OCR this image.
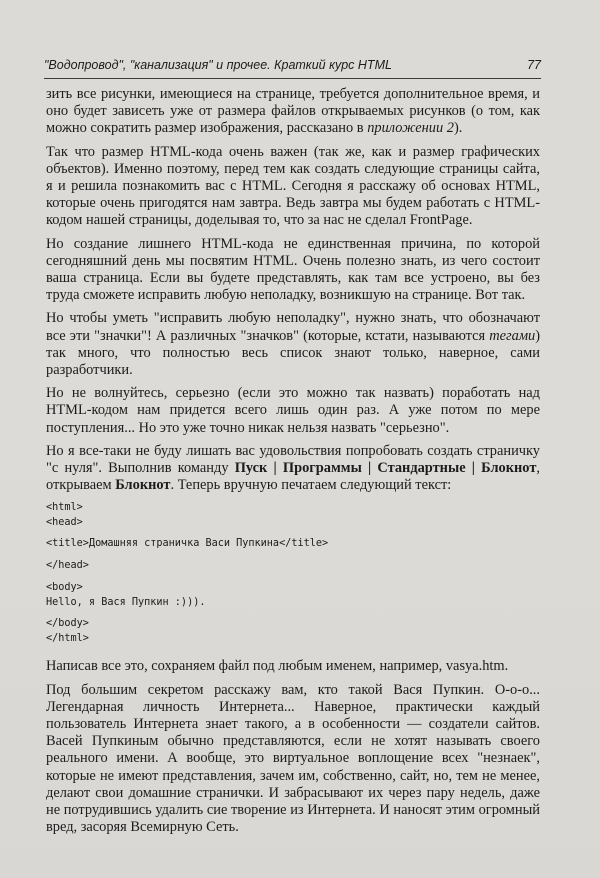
"Водопровод", "канализация" и прочее. Краткий курс HTML	77

зить все рисунки, имеющиеся на странице, требуется дополнительное время, и оно будет зависеть уже от размера файлов открываемых рисунков (о том, как можно сократить размер изображения, рассказано в приложении 2).

Так что размер HTML-кода очень важен (так же, как и размер графических объектов). Именно поэтому, перед тем как создать следующие страницы сайта, я и решила познакомить вас с HTML. Сегодня я расскажу об основах HTML, которые очень пригодятся нам завтра. Ведь завтра мы будем работать с HTML-кодом нашей страницы, доделывая то, что за нас не сделал FrontPage.

Но создание лишнего HTML-кода не единственная причина, по которой сегодняшний день мы посвятим HTML. Очень полезно знать, из чего состоит ваша страница. Если вы будете представлять, как там все устроено, вы без труда сможете исправить любую неполадку, возникшую на странице. Вот так.

Но чтобы уметь "исправить любую неполадку", нужно знать, что обозначают все эти "значки"! А различных "значков" (которые, кстати, называются тегами) так много, что полностью весь список знают только, наверное, сами разработчики.

Но не волнуйтесь, серьезно (если это можно так назвать) поработать над HTML-кодом нам придется всего лишь один раз. А уже потом по мере поступления... Но это уже точно никак нельзя назвать "серьезно".

Но я все-таки не буду лишать вас удовольствия попробовать создать страничку "с нуля". Выполнив команду Пуск | Программы | Стандартные | Блокнот, открываем Блокнот. Теперь вручную печатаем следующий текст:

<html>
<head>
<title>Домашняя страничка Васи Пупкина</title>
</head>
<body>
Hello, я Вася Пупкин :))).
</body>
</html>

Написав все это, сохраняем файл под любым именем, например, vasya.htm.

Под большим секретом расскажу вам, кто такой Вася Пупкин. О-о-о... Легендарная личность Интернета... Наверное, практически каждый пользователь Интернета знает такого, а в особенности — создатели сайтов. Васей Пупкиным обычно представляются, если не хотят называть своего реального имени. А вообще, это виртуальное воплощение всех "незнаек", которые не имеют представления, зачем им, собственно, сайт, но, тем не менее, делают свои домашние странички. И забрасывают их через пару недель, даже не потрудившись удалить сие творение из Интернета. И наносят этим огромный вред, засоряя Всемирную Сеть.
